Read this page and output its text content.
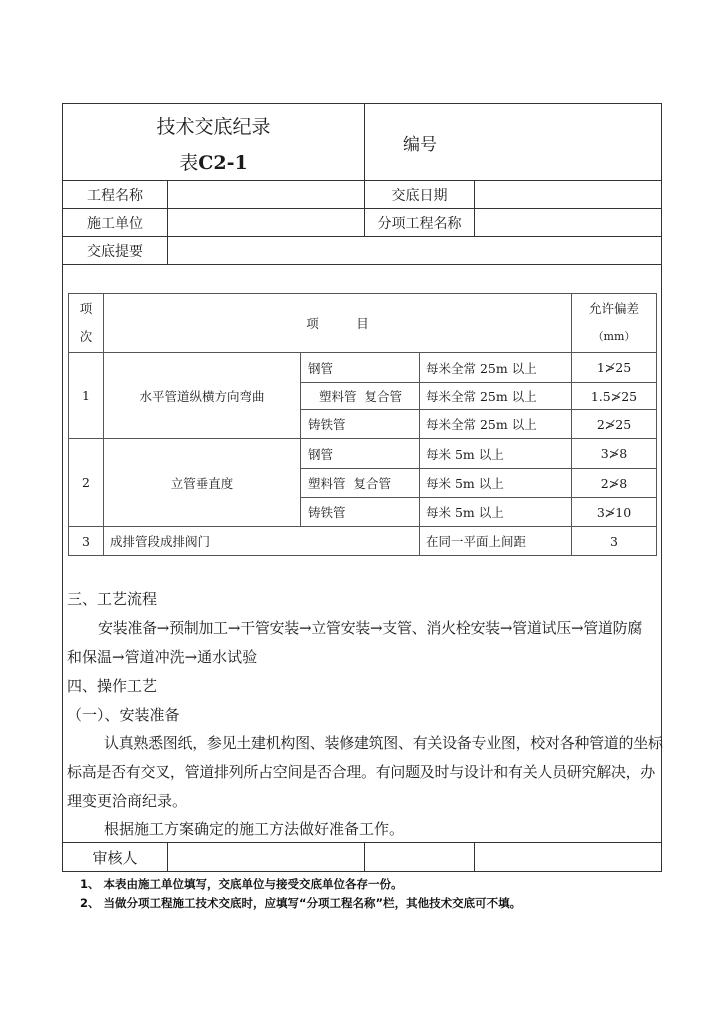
技术交底纪录
表C2-1
编号
工程名称	交底日期
施工单位	分项工程名称
交底提要
项
次
项　　　目
允许偏差
（mm）
1	水平管道纵横方向弯曲
钢管	每米全常 25m 以上	1≯25
塑料管  复合管	每米全常 25m 以上	1.5≯25
铸铁管	每米全常 25m 以上	2≯25
2	立管垂直度
钢管	每米 5m 以上	3≯8
塑料管  复合管	每米 5m 以上	2≯8
铸铁管	每米 5m 以上	3≯10
3	成排管段成排阀门	在同一平面上间距	3
三、工艺流程
安装准备→预制加工→干管安装→立管安装→支管、消火栓安装→管道试压→管道防腐
和保温→管道冲洗→通水试验
四、操作工艺
（一）、安装准备
认真熟悉图纸，参见土建机构图、装修建筑图、有关设备专业图，校对各种管道的坐标
标高是否有交叉，管道排列所占空间是否合理。有问题及时与设计和有关人员研究解决，办
理变更洽商纪录。
根据施工方案确定的施工方法做好准备工作。
审核人
1、 本表由施工单位填写，交底单位与接受交底单位各存一份。
2、 当做分项工程施工技术交底时，应填写“分项工程名称”栏，其他技术交底可不填。
